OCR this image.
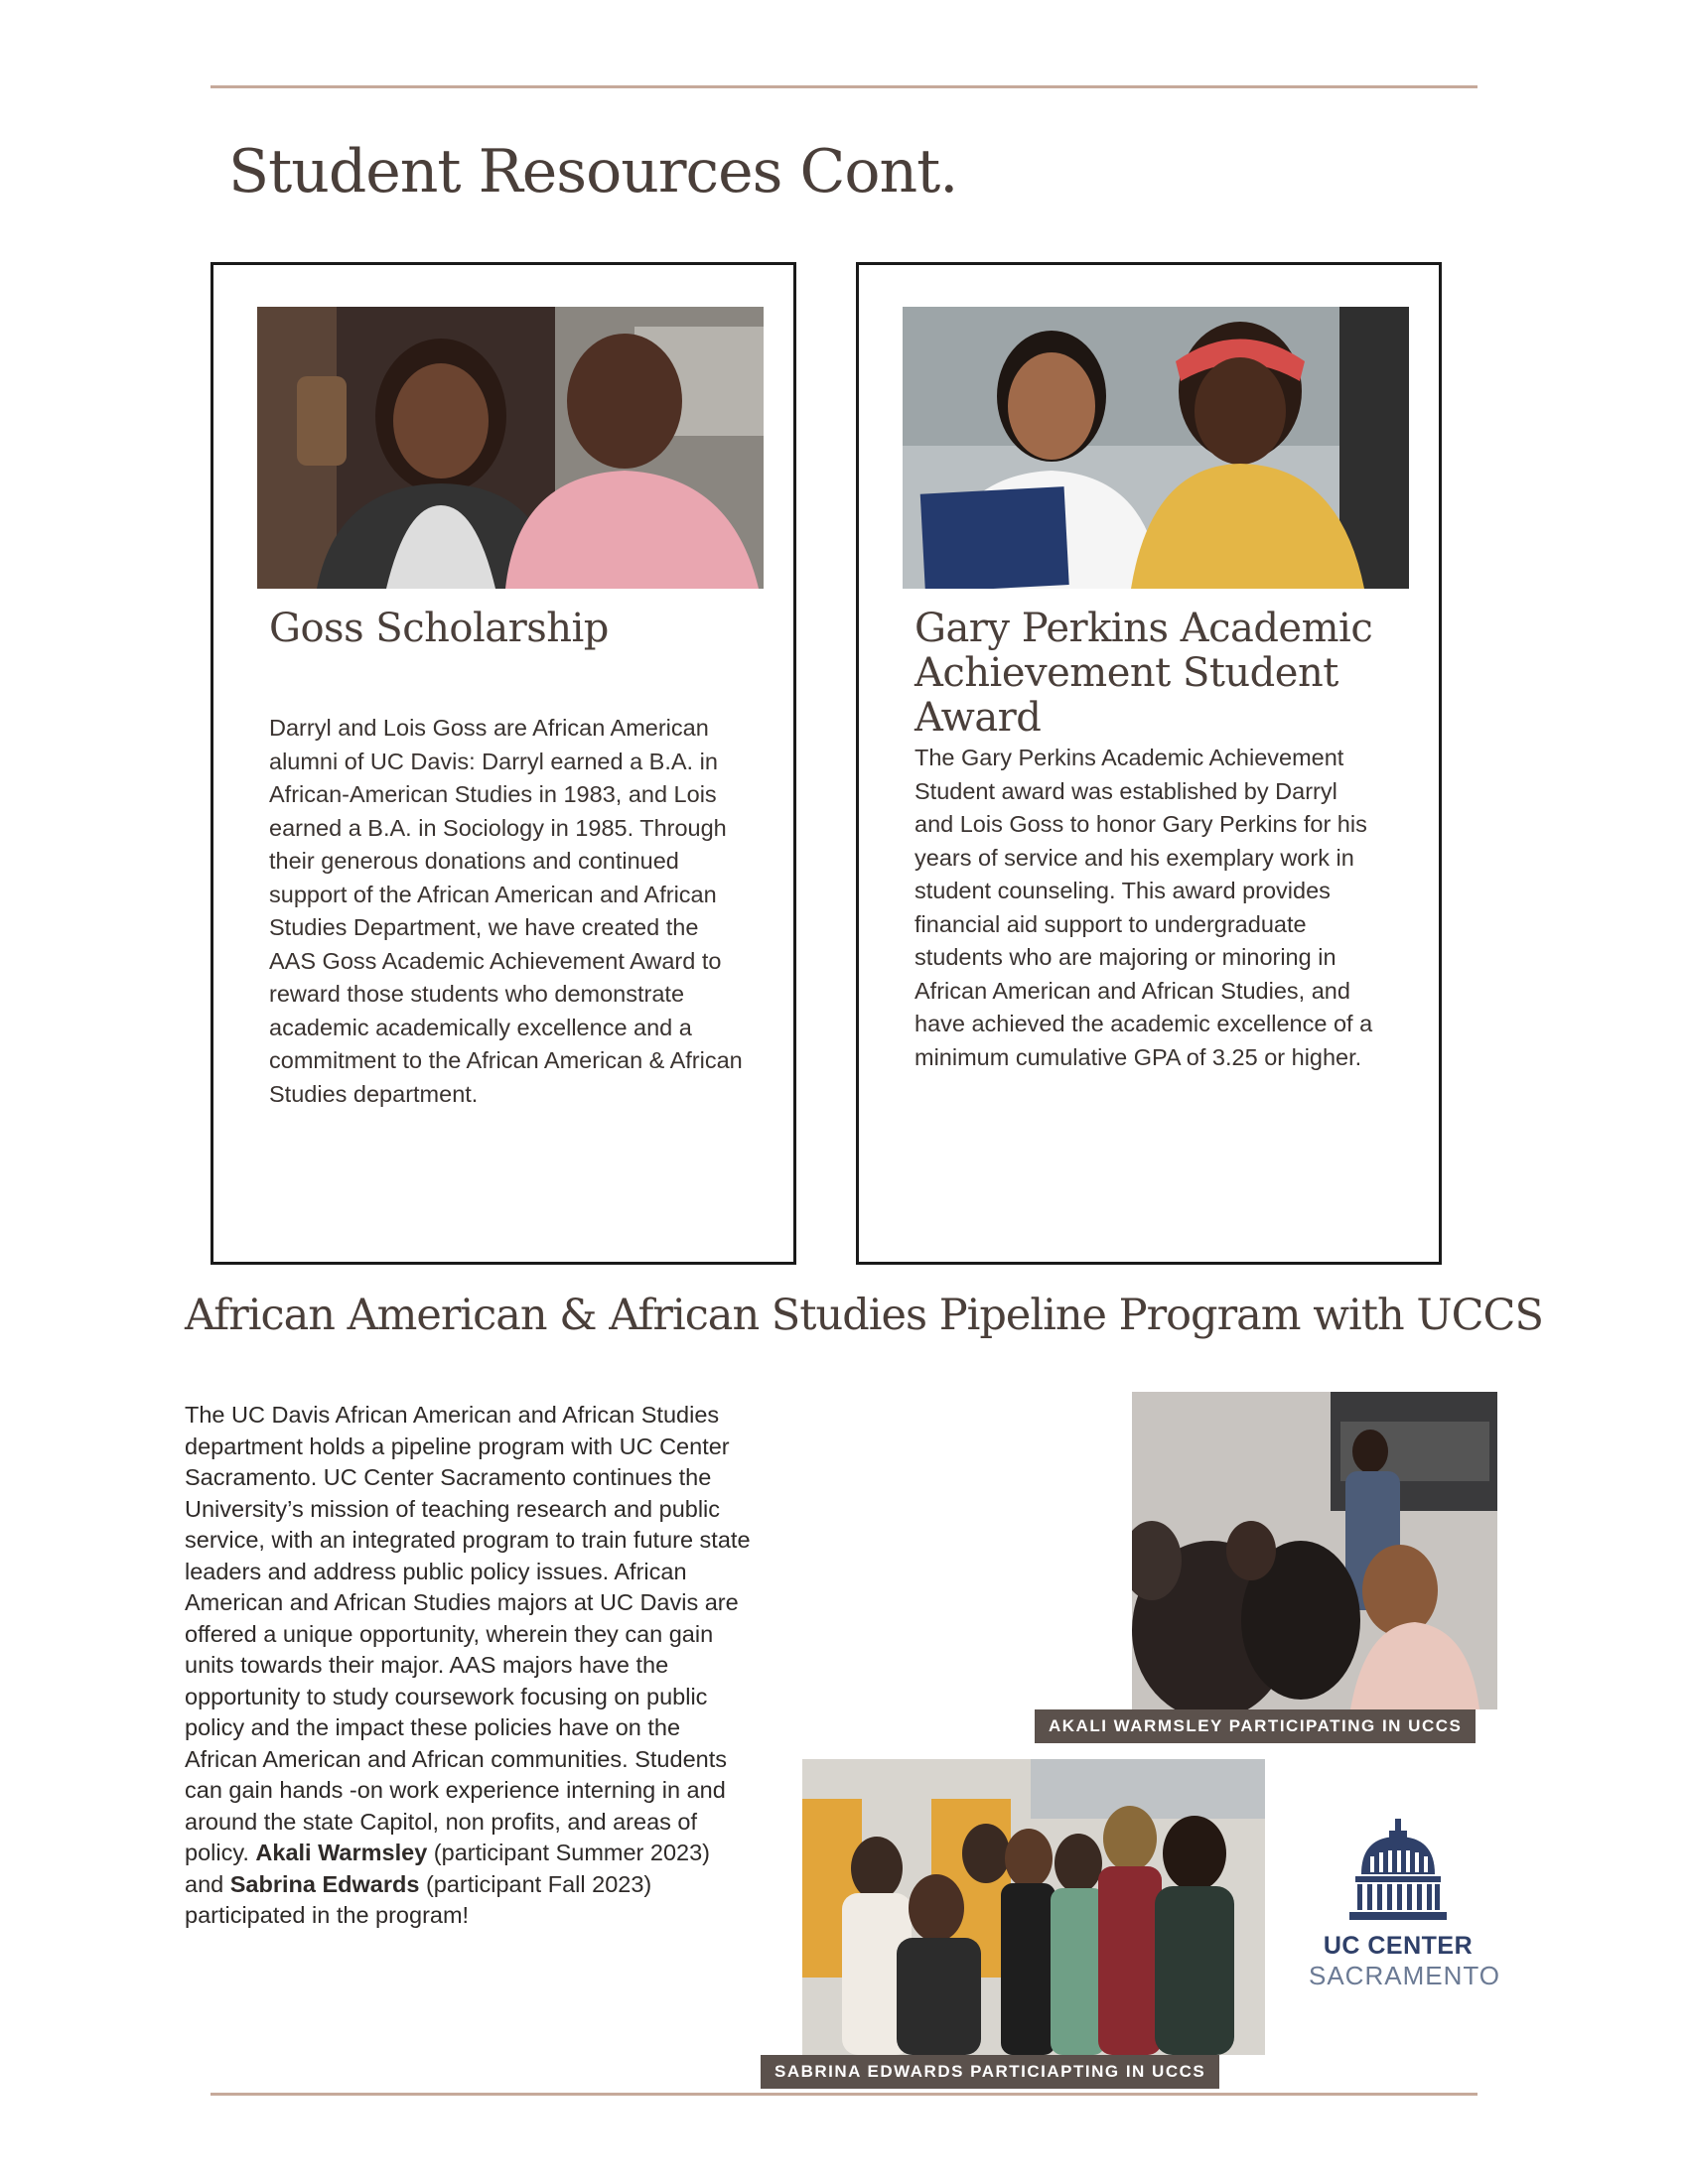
Student Resources Cont.
Goss Scholarship

Darryl and Lois Goss are African American alumni of UC Davis: Darryl earned a B.A. in African-American Studies in 1983, and Lois earned a B.A. in Sociology in 1985. Through their generous donations and continued support of the African American and African Studies Department, we have created the AAS Goss Academic Achievement Award to reward those students who demonstrate academic academically excellence and a commitment to the African American & African Studies department.

Gary Perkins Academic
Achievement Student Award

The Gary Perkins Academic Achievement Student award was established by Darryl and Lois Goss to honor Gary Perkins for his years of service and his exemplary work in student counseling. This award provides financial aid support to undergraduate students who are majoring or minoring in African American and African Studies, and have achieved the academic excellence of a minimum cumulative GPA of 3.25 or higher.

African American & African Studies Pipeline Program with UCCS

The UC Davis African American and African Studies department holds a pipeline program with UC Center Sacramento. UC Center Sacramento continues the University’s mission of teaching research and public service, with an integrated program to train future state leaders and address public policy issues. African American and African Studies majors at UC Davis are offered a unique opportunity, wherein they can gain units towards their major. AAS majors have the opportunity to study coursework focusing on public policy and the impact these policies have on the African American and African communities. Students can gain hands -on work experience interning in and around the state Capitol, non profits, and areas of policy. Akali Warmsley (participant Summer 2023) and Sabrina Edwards (participant Fall 2023) participated in the program!

AKALI WARMSLEY PARTICIPATING IN UCCS
SABRINA EDWARDS PARTICIAPTING IN UCCS
UC CENTER
SACRAMENTO
